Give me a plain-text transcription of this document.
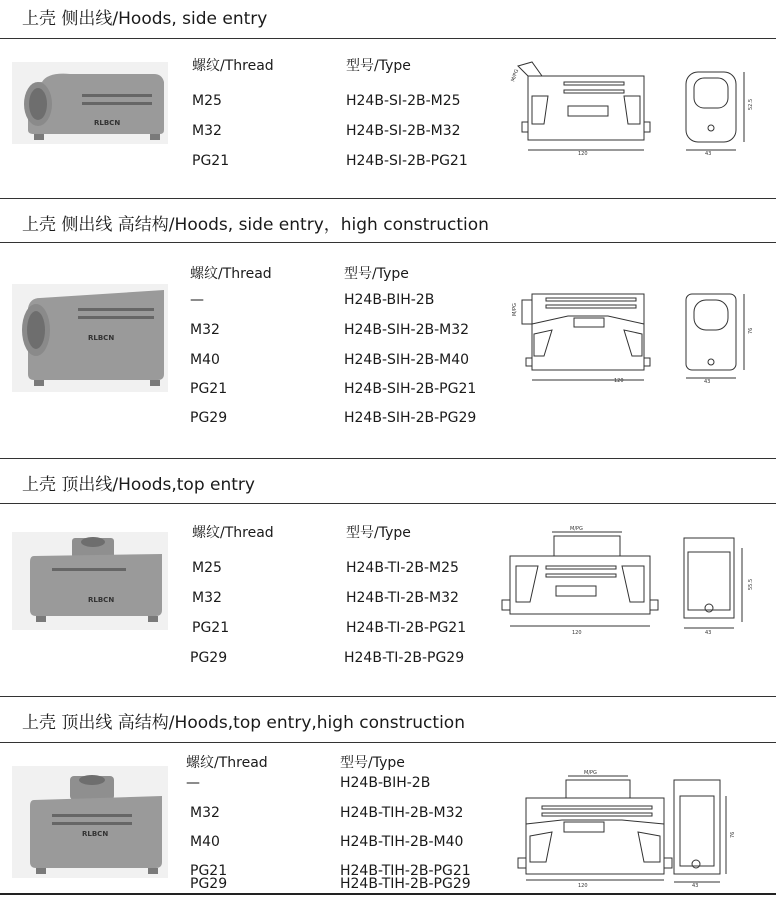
上壳 侧出线/Hoods, side entry
RLBCN
螺纹/Thread	型号/Type
M25	H24B-SI-2B-M25
M32	H24B-SI-2B-M32
PG21	H24B-SI-2B-PG21	120
52.5
43
M/PG
上壳 侧出线 高结构/Hoods, side entry，high construction
RLBCN
螺纹/Thread	型号/Type
—	H24B-BIH-2B
M32	H24B-SIH-2B-M32
M40	H24B-SIH-2B-M40
PG21	H24B-SIH-2B-PG21
PG29	H24B-SIH-2B-PG29
120
76
43
M/PG
上壳 顶出线/Hoods,top entry
RLBCN
螺纹/Thread	型号/Type
M25	H24B-TI-2B-M25
M32	H24B-TI-2B-M32
PG21	H24B-TI-2B-PG21
PG29	H24B-TI-2B-PG29
120
55.5
43
M/PG
上壳 顶出线 高结构/Hoods,top entry,high construction
RLBCN
螺纹/Thread	型号/Type
—	H24B-BIH-2B
M32	H24B-TIH-2B-M32
M40	H24B-TIH-2B-M40
PG21	H24B-TIH-2B-PG21
PG29	H24B-TIH-2B-PG29	120
76
43
M/PG
